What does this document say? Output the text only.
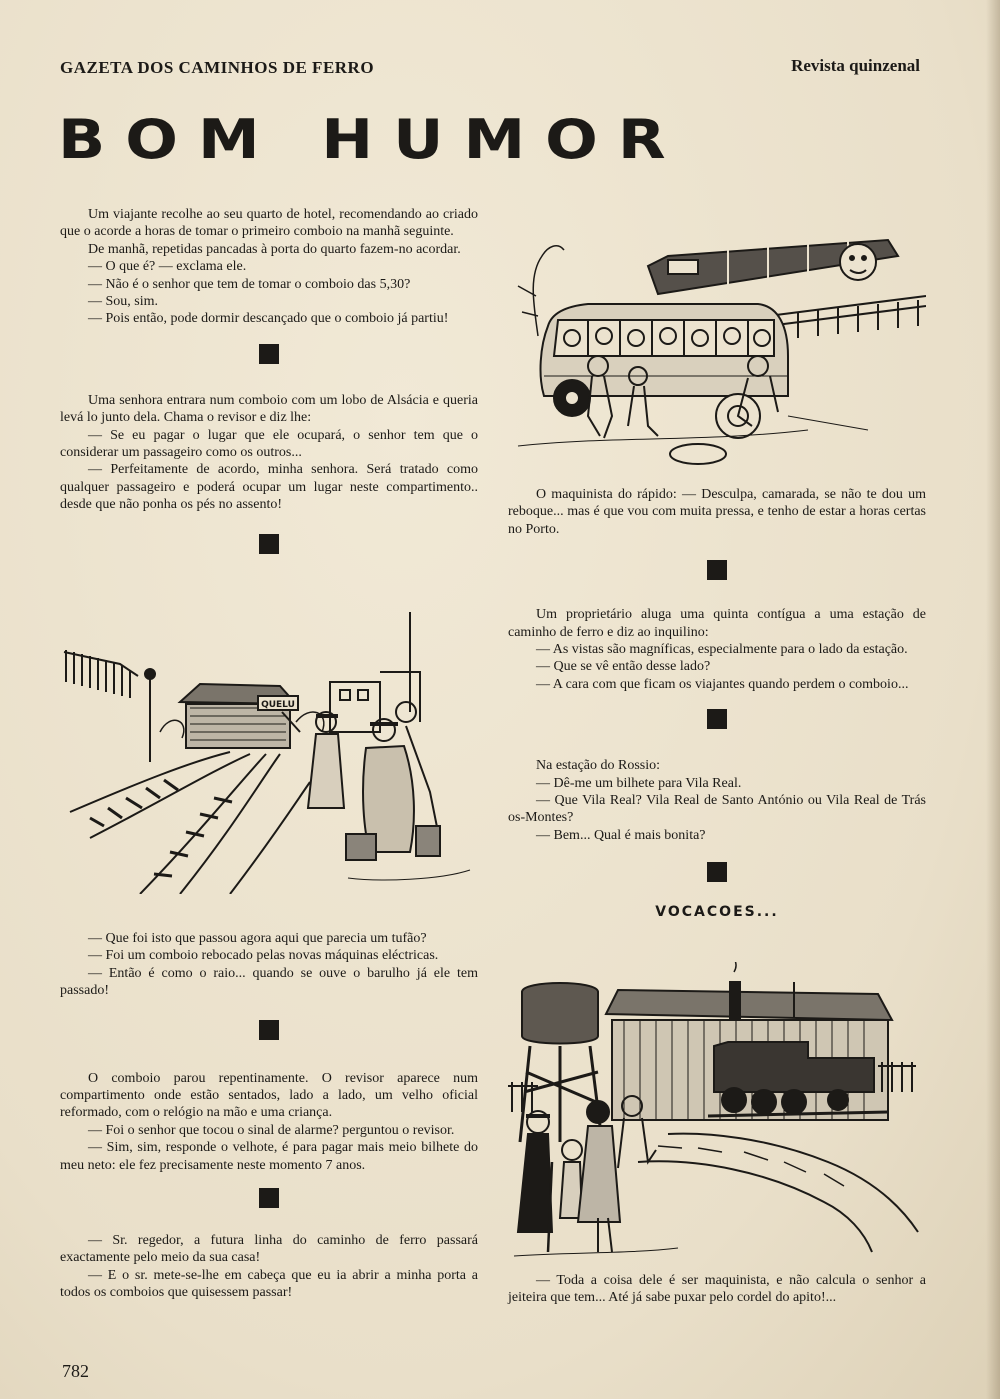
GAZETA DOS CAMINHOS DE FERRO	Revista quinzenal

BOM HUMOR

Um viajante recolhe ao seu quarto de hotel, recomendando ao criado que o acorde a horas de tomar o primeiro comboio na manhã seguinte.

De manhã, repetidas pancadas à porta do quarto fazem-no acordar.

— O que é? — exclama ele.

— Não é o senhor que tem de tomar o comboio das 5,30?

— Sou, sim.

— Pois então, pode dormir descançado que o comboio já partiu!

Uma senhora entrara num comboio com um lobo de Alsácia e queria levá lo junto dela. Chama o revisor e diz lhe:

— Se eu pagar o lugar que ele ocupará, o senhor tem que o considerar um passageiro como os outros...

— Perfeitamente de acordo, minha senhora. Será tratado como qualquer passageiro e poderá ocupar um lugar neste compartimento.. desde que não ponha os pés no assento!

QUELU

— Que foi isto que passou agora aqui que parecia um tufão?

— Foi um comboio rebocado pelas novas máquinas eléctricas.

— Então é como o raio... quando se ouve o barulho já ele tem passado!

O comboio parou repentinamente. O revisor aparece num compartimento onde estão sentados, lado a lado, um velho oficial reformado, com o relógio na mão e uma criança.

— Foi o senhor que tocou o sinal de alarme? perguntou o revisor.

— Sim, sim, responde o velhote, é para pagar mais meio bilhete do meu neto: ele fez precisamente neste momento 7 anos.

— Sr. regedor, a futura linha do caminho de ferro passará exactamente pelo meio da sua casa!

— E o sr. mete-se-lhe em cabeça que eu ia abrir a minha porta a todos os comboios que quisessem passar!

O maquinista do rápido: — Desculpa, camarada, se não te dou um reboque... mas é que vou com muita pressa, e tenho de estar a horas certas no Porto.

Um proprietário aluga uma quinta contígua a uma estação de caminho de ferro e diz ao inquilino:

— As vistas são magníficas, especialmente para o lado da estação.

— Que se vê então desse lado?

— A cara com que ficam os viajantes quando perdem o comboio...

Na estação do Rossio:

— Dê-me um bilhete para Vila Real.

— Que Vila Real? Vila Real de Santo António ou Vila Real de Trás os-Montes?

— Bem... Qual é mais bonita?

VOCACOES...

— Toda a coisa dele é ser maquinista, e não calcula o senhor a jeiteira que tem... Até já sabe puxar pelo cordel do apito!...

782
